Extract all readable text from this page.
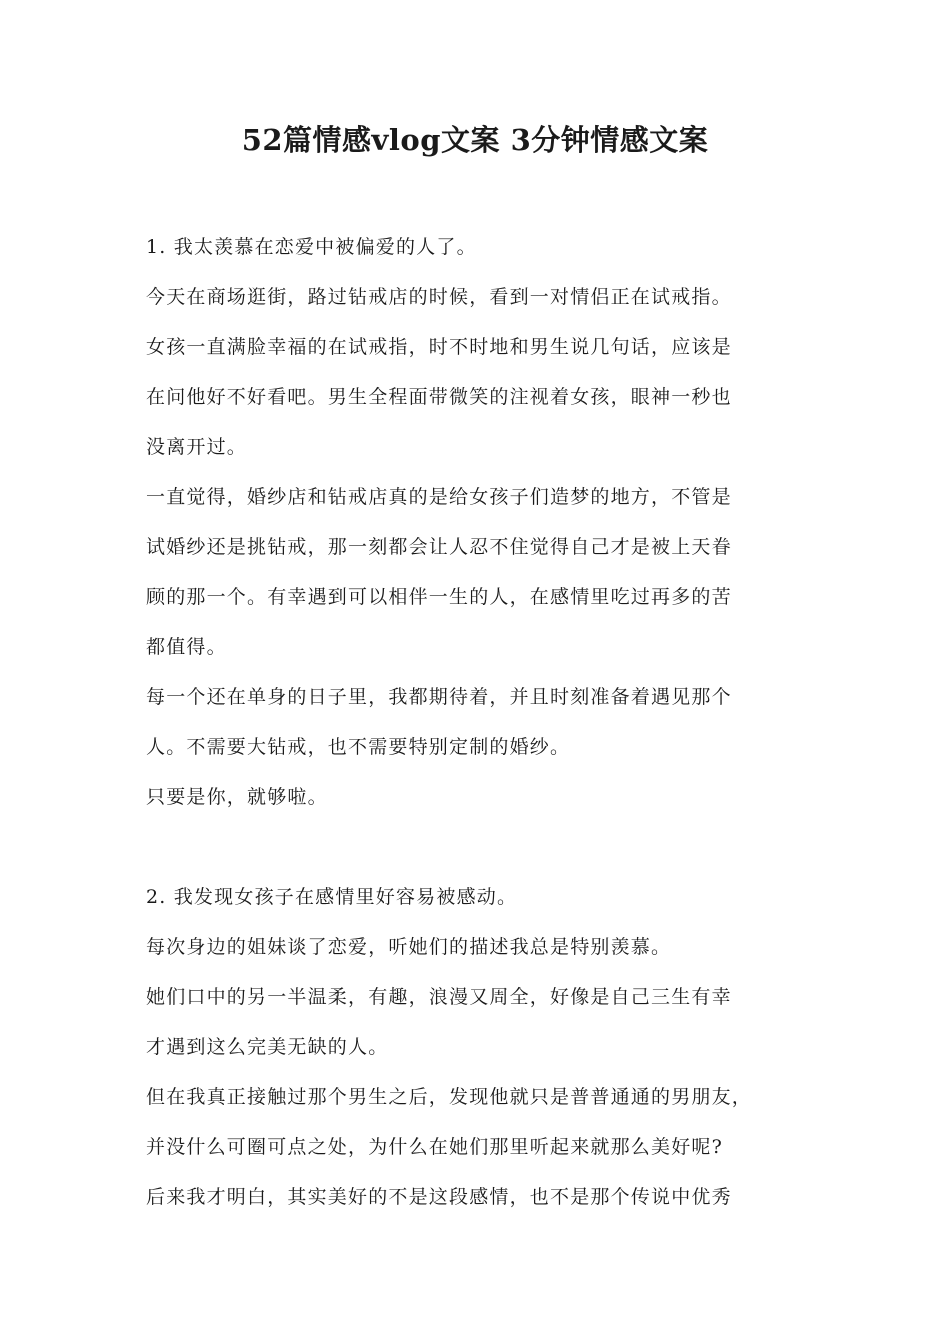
52篇情感vlog文案 3分钟情感文案
1. 我太羡慕在恋爱中被偏爱的人了。
今天在商场逛街，路过钻戒店的时候，看到一对情侣正在试戒指。
女孩一直满脸幸福的在试戒指，时不时地和男生说几句话，应该是
在问他好不好看吧。男生全程面带微笑的注视着女孩，眼神一秒也
没离开过。
一直觉得，婚纱店和钻戒店真的是给女孩子们造梦的地方，不管是
试婚纱还是挑钻戒，那一刻都会让人忍不住觉得自己才是被上天眷
顾的那一个。有幸遇到可以相伴一生的人，在感情里吃过再多的苦
都值得。
每一个还在单身的日子里，我都期待着，并且时刻准备着遇见那个
人。不需要大钻戒，也不需要特别定制的婚纱。
只要是你，就够啦。
2. 我发现女孩子在感情里好容易被感动。
每次身边的姐妹谈了恋爱，听她们的描述我总是特别羡慕。
她们口中的另一半温柔，有趣，浪漫又周全，好像是自己三生有幸
才遇到这么完美无缺的人。
但在我真正接触过那个男生之后，发现他就只是普普通通的男朋友，
并没什么可圈可点之处，为什么在她们那里听起来就那么美好呢?
后来我才明白，其实美好的不是这段感情，也不是那个传说中优秀
